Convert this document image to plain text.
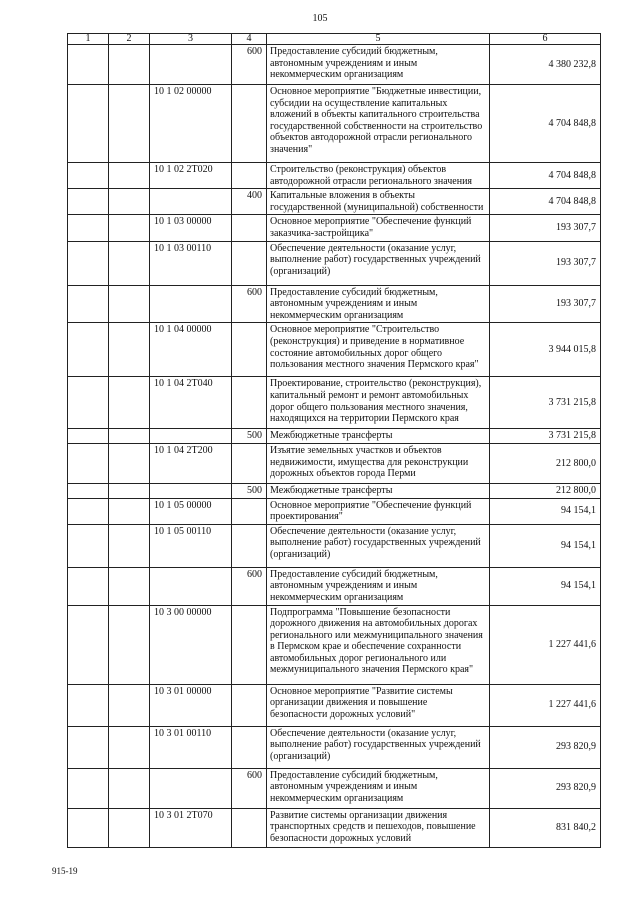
105
1	2	3	4	5	6
			600	Предоставление субсидий бюджетным, автономным учреждениям и иным некоммерческим организациям	4 380 232,8
		10 1 02 00000		Основное мероприятие "Бюджетные инвестиции, субсидии на осуществление капитальных вложений в объекты капитального строительства государственной собственности на строительство объектов автодорожной отрасли регионального значения"	4 704 848,8
		10 1 02 2Т020		Строительство (реконструкция) объектов автодорожной отрасли регионального значения	4 704 848,8
			400	Капитальные вложения в объекты государственной (муниципальной) собственности	4 704 848,8
		10 1 03 00000		Основное мероприятие "Обеспечение функций заказчика-застройщика"	193 307,7
		10 1 03 00110		Обеспечение деятельности (оказание услуг, выполнение работ) государственных учреждений (организаций)	193 307,7
			600	Предоставление субсидий бюджетным, автономным учреждениям и иным некоммерческим организациям	193 307,7
		10 1 04 00000		Основное мероприятие "Строительство (реконструкция) и приведение в нормативное состояние автомобильных дорог общего пользования местного значения Пермского края"	3 944 015,8
		10 1 04 2Т040		Проектирование, строительство (реконструкция), капитальный ремонт и ремонт автомобильных дорог общего пользования местного значения, находящихся на территории Пермского края	3 731 215,8
			500	Межбюджетные трансферты	3 731 215,8
		10 1 04 2Т200		Изъятие земельных участков и объектов недвижимости, имущества для реконструкции дорожных объектов города Перми	212 800,0
			500	Межбюджетные трансферты	212 800,0
		10 1 05 00000		Основное мероприятие "Обеспечение функций проектирования"	94 154,1
		10 1 05 00110		Обеспечение деятельности (оказание услуг, выполнение работ) государственных учреждений (организаций)	94 154,1
			600	Предоставление субсидий бюджетным, автономным учреждениям и иным некоммерческим организациям	94 154,1
		10 3 00 00000		Подпрограмма "Повышение безопасности дорожного движения на автомобильных дорогах регионального или межмуниципального значения в Пермском крае и обеспечение сохранности автомобильных дорог регионального или межмуниципального значения Пермского края"	1 227 441,6
		10 3 01 00000		Основное мероприятие "Развитие системы организации движения и повышение безопасности дорожных условий"	1 227 441,6
		10 3 01 00110		Обеспечение деятельности (оказание услуг, выполнение работ) государственных учреждений (организаций)	293 820,9
			600	Предоставление субсидий бюджетным, автономным учреждениям и иным некоммерческим организациям	293 820,9
		10 3 01 2Т070		Развитие системы организации движения транспортных средств и пешеходов, повышение безопасности дорожных условий	831 840,2
915-19
